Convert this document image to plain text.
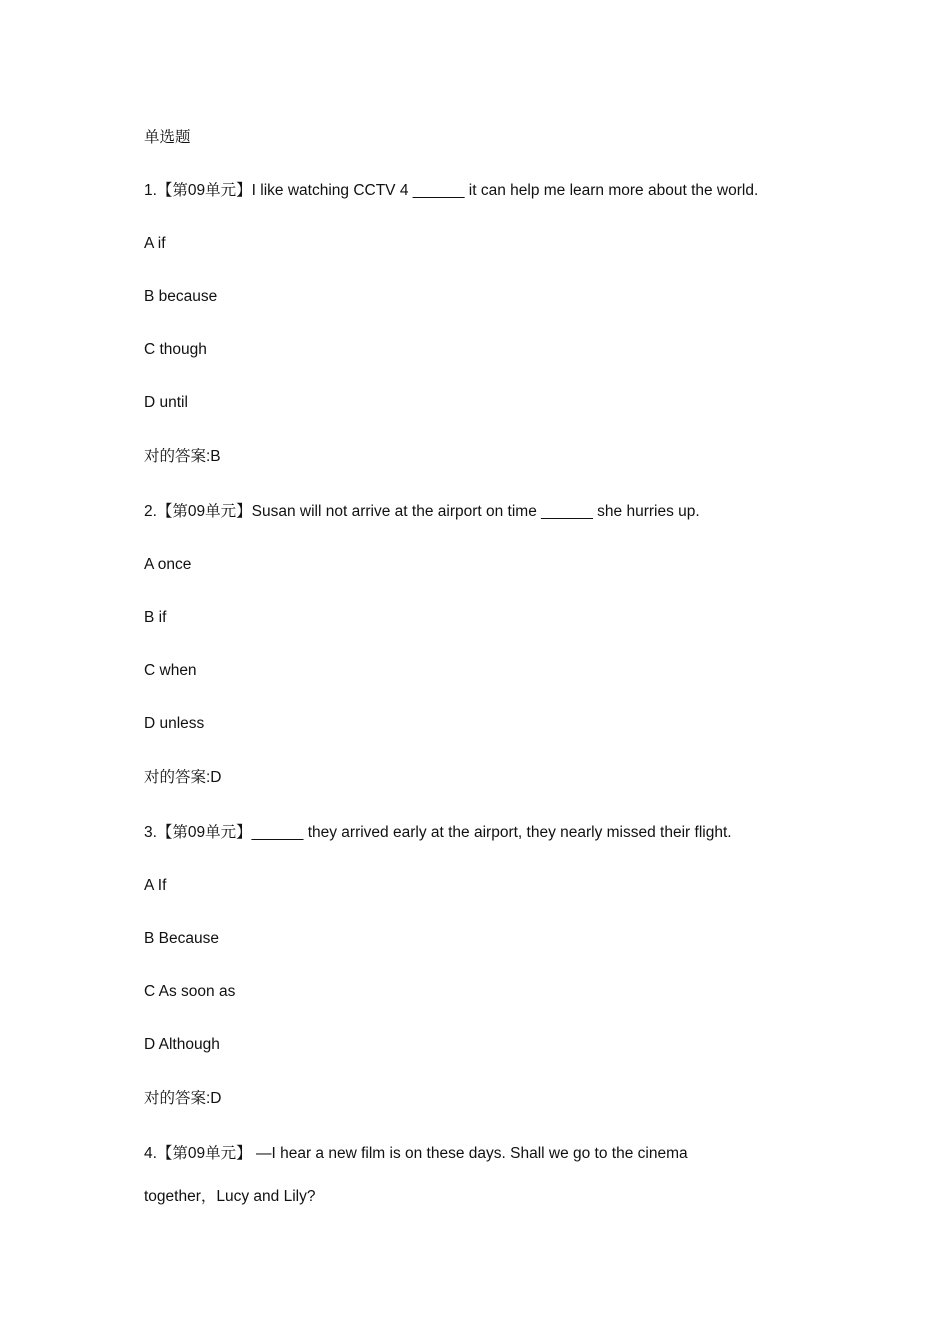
单选题
1.【第09单元】I like watching CCTV 4 ______ it can help me learn more about the world.
A if
B because
C though
D until
对的答案:B
2.【第09单元】Susan will not arrive at the airport on time ______ she hurries up.
A once
B if
C when
D unless
对的答案:D
3.【第09单元】______ they arrived early at the airport, they nearly missed their flight.
A If
B Because
C As soon as
D Although
对的答案:D
4.【第09单元】 —I hear a new film is on these days. Shall we go to the cinema
together，Lucy and Lily?
